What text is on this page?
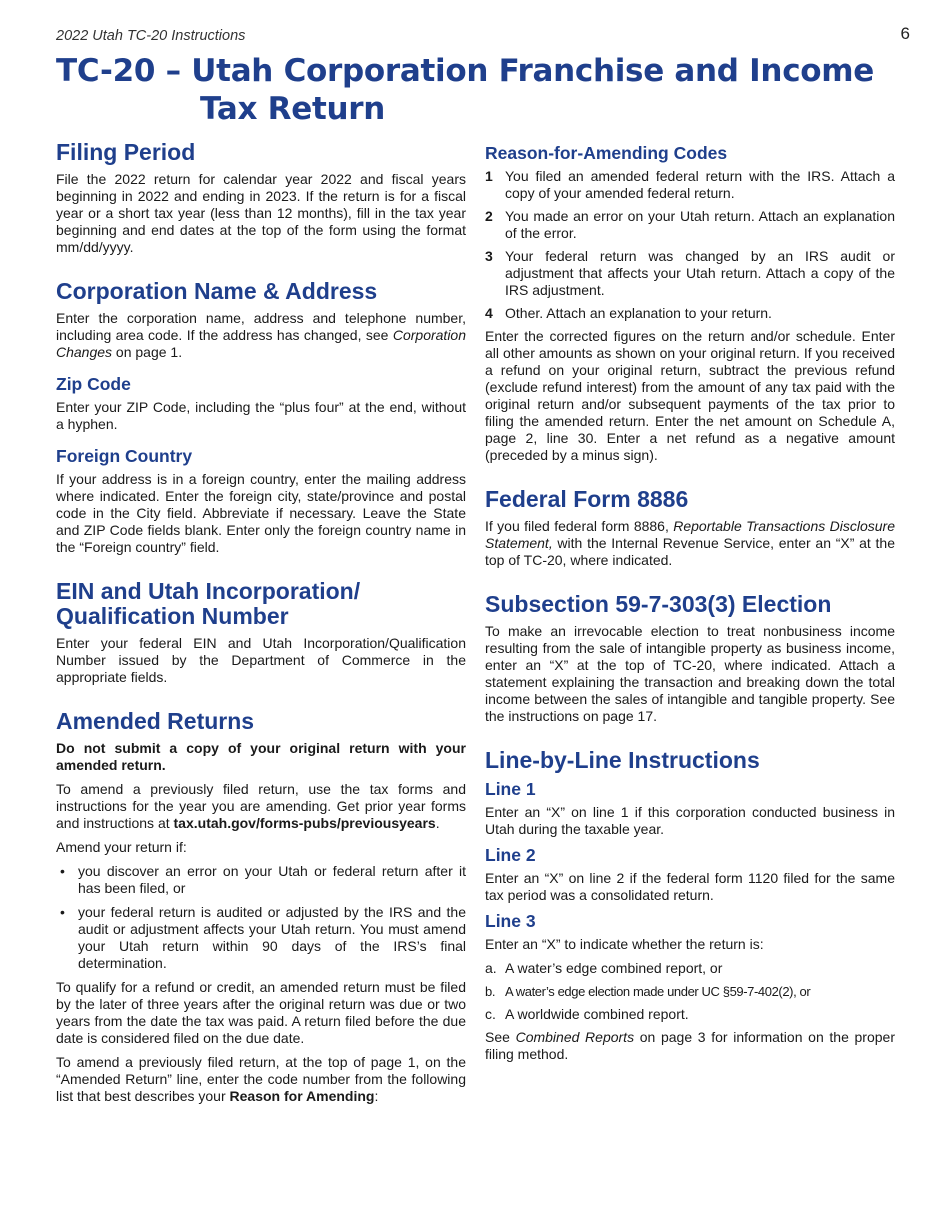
2022 Utah TC-20 Instructions	6
TC-20 – Utah Corporation Franchise and Income
Tax Return
Filing Period

File the 2022 return for calendar year 2022 and fiscal years beginning in 2022 and ending in 2023. If the return is for a fiscal year or a short tax year (less than 12 months), fill in the tax year beginning and end dates at the top of the form using the format mm/dd/yyyy.

Corporation Name & Address

Enter the corporation name, address and telephone number, including area code. If the address has changed, see Corporation Changes on page 1.

Zip Code

Enter your ZIP Code, including the “plus four” at the end, without a hyphen.

Foreign Country

If your address is in a foreign country, enter the mailing address where indicated. Enter the foreign city, state/province and postal code in the City field. Abbreviate if necessary. Leave the State and ZIP Code fields blank. Enter only the foreign country name in the “Foreign country” field.

EIN and Utah Incorporation/
Qualification Number

Enter your federal EIN and Utah Incorporation/Qualification Number issued by the Department of Commerce in the appropriate fields.

Amended Returns

Do not submit a copy of your original return with your amended return.

To amend a previously filed return, use the tax forms and instructions for the year you are amending. Get prior year forms and instructions at tax.utah.gov/forms-pubs/previousyears.

Amend your return if:

• you discover an error on your Utah or federal return after it has been filed, or
• your federal return is audited or adjusted by the IRS and the audit or adjustment affects your Utah return. You must amend your Utah return within 90 days of the IRS’s final determination.

To qualify for a refund or credit, an amended return must be filed by the later of three years after the original return was due or two years from the date the tax was paid. A return filed before the due date is considered filed on the due date.

To amend a previously filed return, at the top of page 1, on the “Amended Return” line, enter the code number from the following list that best describes your Reason for Amending:

Reason-for-Amending Codes
1 You filed an amended federal return with the IRS. Attach a copy of your amended federal return.
2 You made an error on your Utah return. Attach an explanation of the error.
3 Your federal return was changed by an IRS audit or adjustment that affects your Utah return. Attach a copy of the IRS adjustment.
4 Other. Attach an explanation to your return.

Enter the corrected figures on the return and/or schedule. Enter all other amounts as shown on your original return. If you received a refund on your original return, subtract the previous refund (exclude refund interest) from the amount of any tax paid with the original return and/or subsequent payments of the tax prior to filing the amended return. Enter the net amount on Schedule A, page 2, line 30. Enter a net refund as a negative amount (preceded by a minus sign).

Federal Form 8886

If you filed federal form 8886, Reportable Transactions Disclosure Statement, with the Internal Revenue Service, enter an “X” at the top of TC-20, where indicated.

Subsection 59-7-303(3) Election

To make an irrevocable election to treat nonbusiness income resulting from the sale of intangible property as business income, enter an “X” at the top of TC-20, where indicated. Attach a statement explaining the transaction and breaking down the total income between the sales of intangible and tangible property. See the instructions on page 17.

Line-by-Line Instructions
Line 1

Enter an “X” on line 1 if this corporation conducted business in Utah during the taxable year.

Line 2

Enter an “X” on line 2 if the federal form 1120 filed for the same tax period was a consolidated return.

Line 3

Enter an “X” to indicate whether the return is:

a. A water’s edge combined report, or
b. A water’s edge election made under UC §59-7-402(2), or
c. A worldwide combined report.

See Combined Reports on page 3 for information on the proper filing method.
